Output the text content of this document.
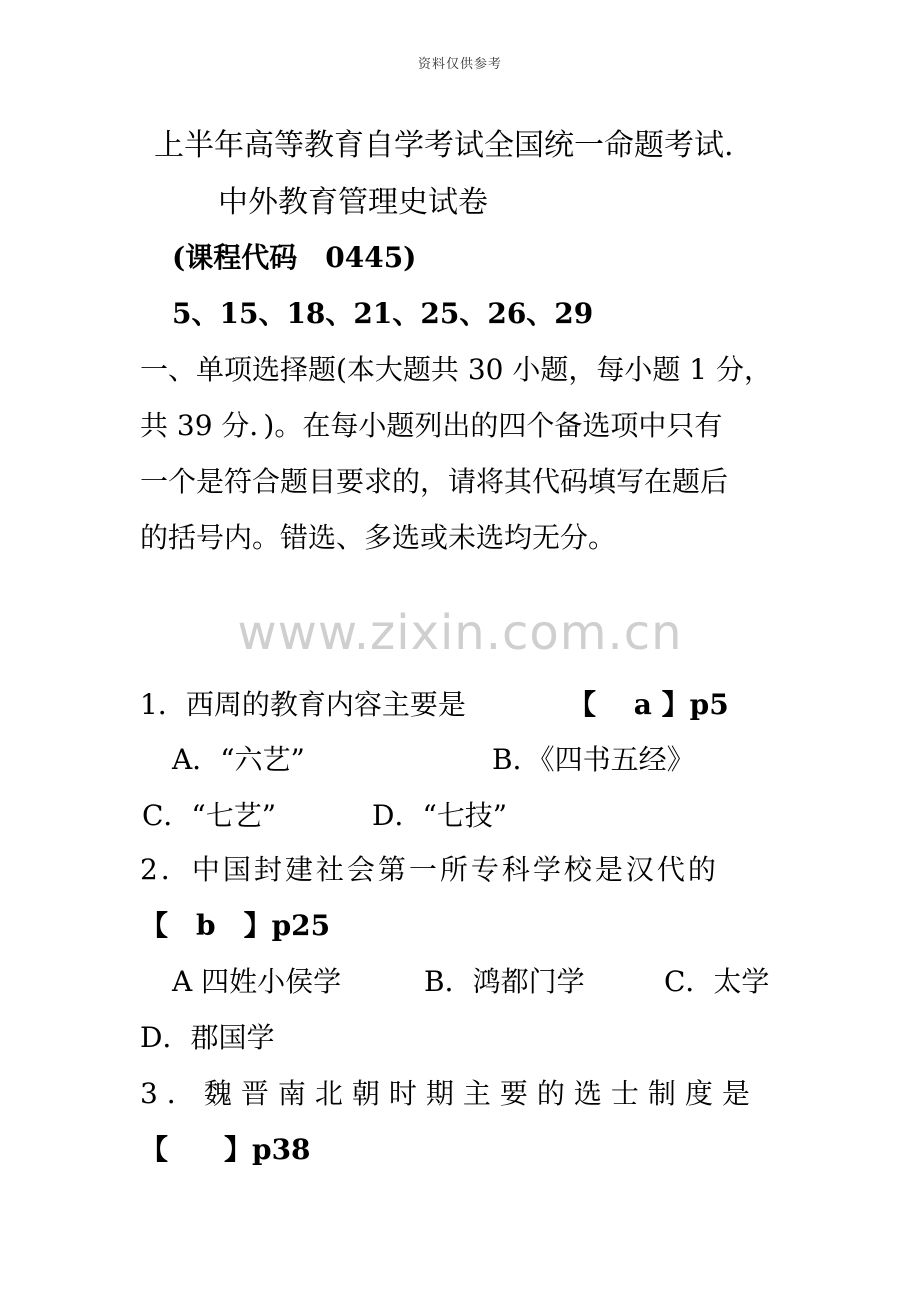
资料仅供参考
上半年高等教育自学考试全国统一命题考试.
中外教育管理史试卷
(课程代码　0445)
5、15、18、21、25、26、29
一、单项选择题(本大题共 30 小题，每小题 1 分，
共 39 分．)。在每小题列出的四个备选项中只有
一个是符合题目要求的，请将其代码填写在题后
的括号内。错选、多选或未选均无分。
www.zixin.com.cn
1．西周的教育内容主要是	【　 a 】p5
A．“六艺”	B．《四书五经》
C．“七艺”	D．“七技”
2．中国封建社会第一所专科学校是汉代的
【　b　】p25
A 四姓小侯学	B．鸿都门学	C．太学
D．郡国学
3．魏晋南北朝时期主要的选士制度是
【　　】p38
